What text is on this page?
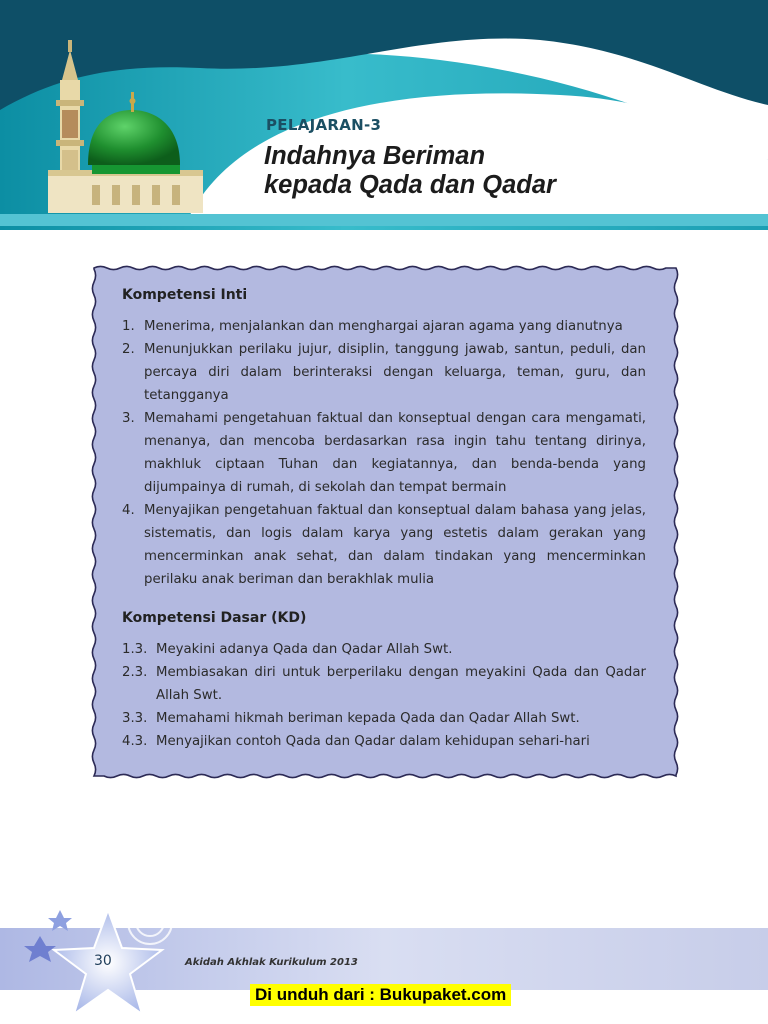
PELAJARAN-3
Indahnya Beriman
kepada Qada dan Qadar
Kompetensi Inti
1. Menerima, menjalankan dan menghargai ajaran agama yang dianutnya
2. Menunjukkan perilaku jujur, disiplin, tanggung jawab, santun, peduli, dan percaya diri dalam berinteraksi dengan keluarga, teman, guru, dan tetangganya
3. Memahami pengetahuan faktual dan konseptual dengan cara mengamati, menanya, dan mencoba berdasarkan rasa ingin tahu tentang dirinya, makhluk ciptaan Tuhan dan kegiatannya, dan benda-benda yang dijumpainya di rumah, di sekolah dan tempat bermain
4. Menyajikan pengetahuan faktual dan konseptual dalam bahasa yang jelas, sistematis, dan logis dalam karya yang estetis dalam gerakan yang mencerminkan anak sehat, dan dalam tindakan yang mencerminkan perilaku anak beriman dan berakhlak mulia
Kompetensi Dasar (KD)
1.3. Meyakini adanya Qada dan Qadar Allah Swt.
2.3. Membiasakan diri untuk berperilaku dengan meyakini Qada dan Qadar Allah Swt.
3.3. Memahami hikmah beriman kepada Qada dan Qadar Allah Swt.
4.3. Menyajikan contoh Qada dan Qadar dalam kehidupan sehari-hari
30	Akidah Akhlak Kurikulum 2013
Di unduh dari : Bukupaket.com
